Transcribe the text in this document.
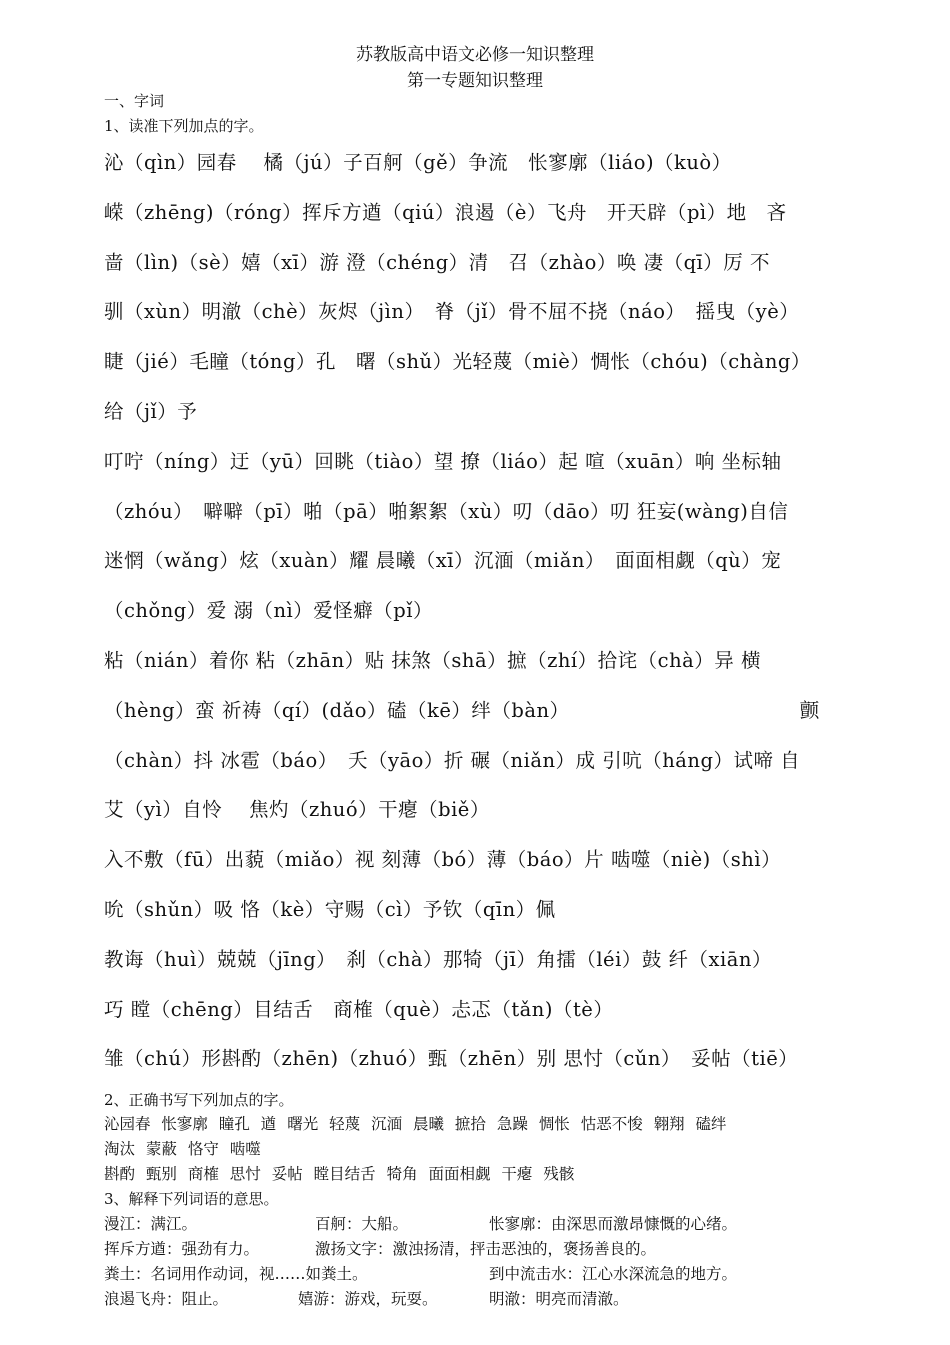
苏教版高中语文必修一知识整理
第一专题知识整理
一、字词
1、读准下列加点的字。
沁（qìn）园春　 橘（jú）子百舸（gě）争流　怅寥廓（liáo)（kuò）
嵘（zhēng)（róng）挥斥方遒（qiú）浪遏（è）飞舟　开天辟（pì）地　吝
啬（lìn)（sè）嬉（xī）游 澄（chéng）清　召（zhào）唤 凄（qī）厉 不
驯（xùn）明澈（chè）灰烬（jìn）　脊（jǐ）骨不屈不挠（náo）　摇曳（yè）
睫（jié）毛瞳（tóng）孔　曙（shǔ）光轻蔑（miè）惆怅（chóu)（chàng）
给（jǐ）予
叮咛（níng）迂（yū）回眺（tiào）望 撩（liáo）起 喧（xuān）响 坐标轴
（zhóu）　噼噼（pī）啪（pā）啪絮絮（xù）叨（dāo）叨 狂妄(wàng)自信
迷惘（wǎng）炫（xuàn）耀 晨曦（xī）沉湎（miǎn）　面面相觑（qù）宠
（chǒng）爱 溺（nì）爱怪癖（pǐ）
粘（nián）着你 粘（zhān）贴 抹煞（shā）摭（zhí）拾诧（chà）异 横
（hèng）蛮 祈祷（qí）(dǎo）磕（kē）绊（bàn）　　　　　　　　　　　　颤
（chàn）抖 冰雹（báo）　夭（yāo）折 碾（niǎn）成 引吭（háng）试啼 自
艾（yì）自怜　 焦灼（zhuó）干瘪（biě）
入不敷（fū）出藐（miǎo）视 刻薄（bó）薄（báo）片 啮噬（niè)（shì）
吮（shǔn）吸 恪（kè）守赐（cì）予钦（qīn）佩
教诲（huì）兢兢（jīng）　刹（chà）那犄（jī）角擂（léi）鼓 纤（xiān）
巧 瞠（chēng）目结舌　商榷（què）忐忑（tǎn)（tè）
雏（chú）形斟酌（zhēn)（zhuó）甄（zhēn）别 思忖（cǔn）　妥帖（tiē）
2、正确书写下列加点的字。
沁园春 怅寥廓 瞳孔 遒 曙光 轻蔑 沉湎 晨曦 摭拾 急躁 惆怅 怙恶不悛 翱翔 磕绊
淘汰 蒙蔽 恪守 啮噬
斟酌 甄别 商榷 思忖 妥帖 瞠目结舌 犄角 面面相觑 干瘪 残骸
3、解释下列词语的意思。
漫江：满江。	百舸：大船。	怅寥廓：由深思而激昂慷慨的心绪。
挥斥方遒：强劲有力。	激扬文字：激浊扬清，抨击恶浊的，褒扬善良的。
粪土：名词用作动词，视……如粪土。	到中流击水：江心水深流急的地方。
浪遏飞舟：阻止。	嬉游：游戏，玩耍。	明澈：明亮而清澈。
